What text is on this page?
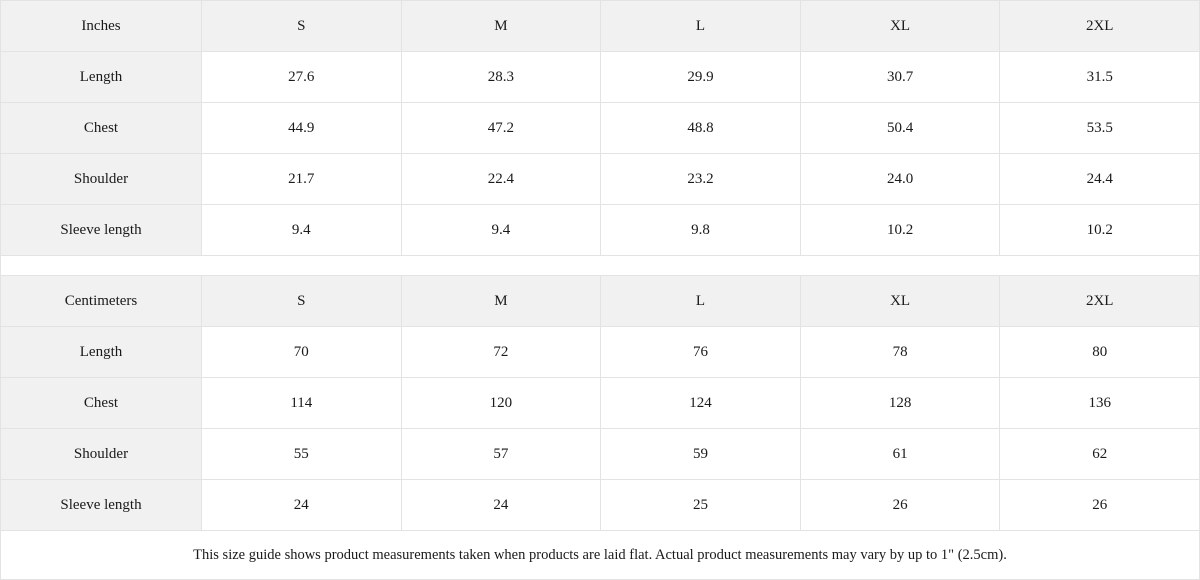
Inches	S	M	L	XL	2XL
Length	27.6	28.3	29.9	30.7	31.5
Chest	44.9	47.2	48.8	50.4	53.5
Shoulder	21.7	22.4	23.2	24.0	24.4
Sleeve length	9.4	9.4	9.8	10.2	10.2
Centimeters	S	M	L	XL	2XL
Length	70	72	76	78	80
Chest	114	120	124	128	136
Shoulder	55	57	59	61	62
Sleeve length	24	24	25	26	26
This size guide shows product measurements taken when products are laid flat. Actual product measurements may vary by up to 1" (2.5cm).
